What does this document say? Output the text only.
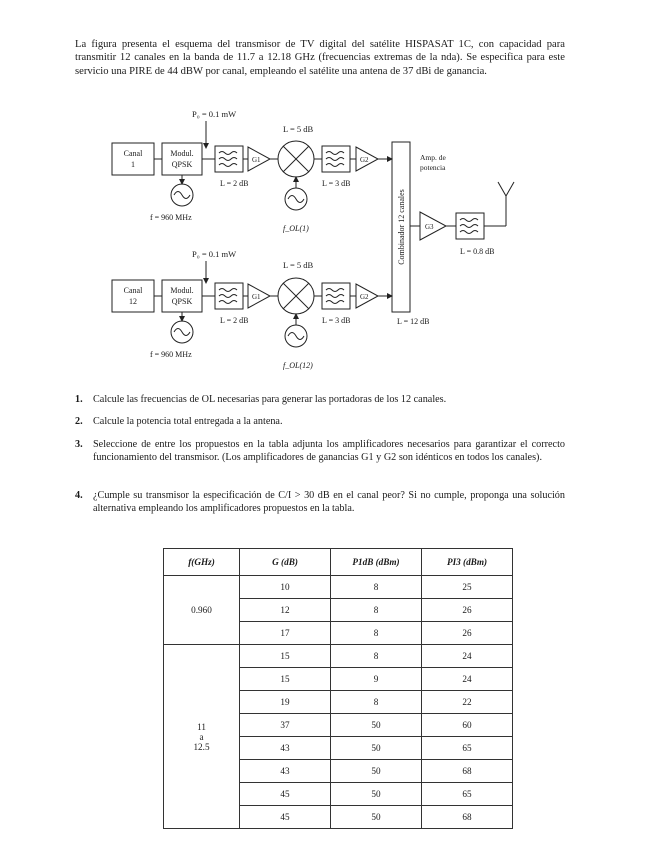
La figura presenta el esquema del transmisor de TV digital del satélite HISPASAT 1C, con capacidad para transmitir 12 canales en la banda de 11.7 a 12.18 GHz (frecuencias extremas de la nda). Se especifica para este servicio una PIRE de 44 dBW por canal, empleando el satélite una antena de 37 dBi de ganancia.
P₀ = 0.1 mW
Canal
1
Modul.
QPSK
f = 960 MHz
L = 2 dB
G1
L = 5 dB
f_OL(1)
L = 3 dB
G2
P₀ = 0.1 mW
Canal
12
Modul.
QPSK
f = 960 MHz
L = 2 dB
G1
L = 5 dB
f_OL(12)
L = 3 dB
G2
Combinador 12 canales
L = 12 dB
G3
Amp. de
potencia
L = 0.8 dB
1. Calcule las frecuencias de OL necesarias para generar las portadoras de los 12 canales.
2. Calcule la potencia total entregada a la antena.
3. Seleccione de entre los propuestos en la tabla adjunta los amplificadores necesarios para garantizar el correcto funcionamiento del transmisor. (Los amplificadores de ganancias G1 y G2 son idénticos en todos los canales).
4. ¿Cumple su transmisor la especificación de C/I > 30 dB en el canal peor? Si no cumple, proponga una solución alternativa empleando los amplificadores propuestos en la tabla.
f(GHz)	G (dB)	P1dB (dBm)	PI3 (dBm)
0.960	10	8	25
	12	8	26
	17	8	26

11
a
12.5	15	8	24
	15	9	24
	19	8	22
	37	50	60
	43	50	65
	43	50	68
	45	50	65
	45	50	68
